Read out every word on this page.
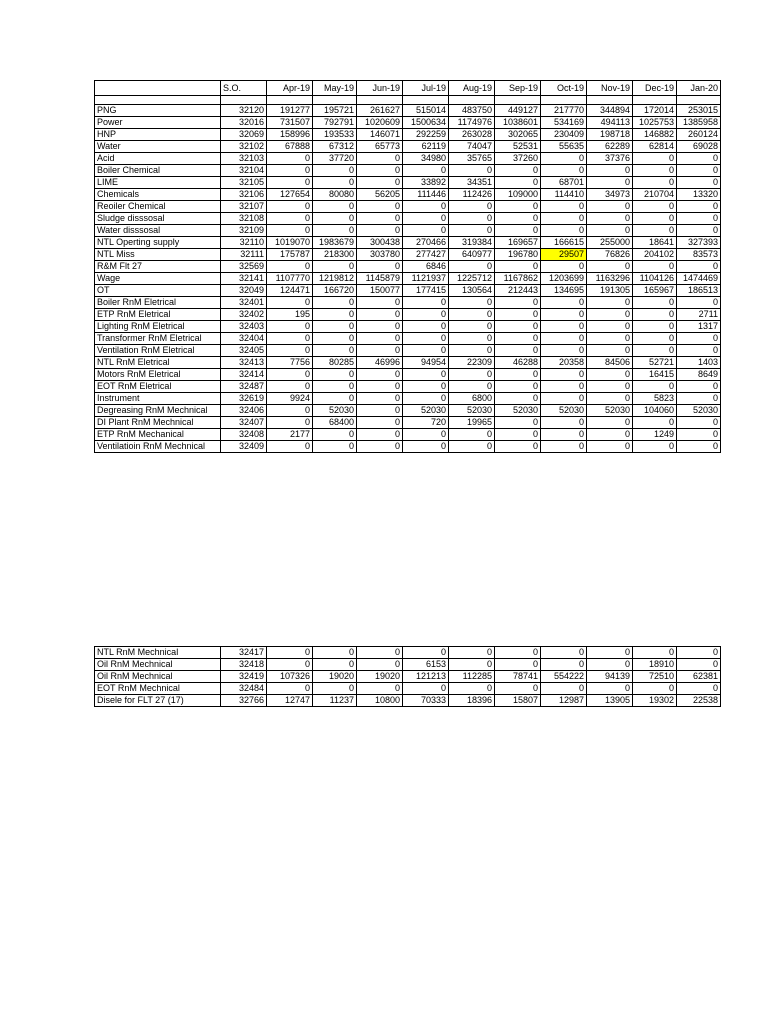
	S.O.	Apr-19	May-19	Jun-19	Jul-19	Aug-19	Sep-19	Oct-19	Nov-19	Dec-19	Jan-20

PNG	32120	191277	195721	261627	515014	483750	449127	217770	344894	172014	253015
Power	32016	731507	792791	1020609	1500634	1174976	1038601	534169	494113	1025753	1385958
HNP	32069	158996	193533	146071	292259	263028	302065	230409	198718	146882	260124
Water	32102	67888	67312	65773	62119	74047	52531	55635	62289	62814	69028
Acid	32103	0	37720	0	34980	35765	37260	0	37376	0	0
Boiler Chemical	32104	0	0	0	0	0	0	0	0	0	0
LIME	32105	0	0	0	33892	34351	0	68701	0	0	0
Chemicals	32106	127654	80080	56205	111446	112426	109000	114410	34973	210704	13320
Reoiler Chemical	32107	0	0	0	0	0	0	0	0	0	0
Sludge disssosal	32108	0	0	0	0	0	0	0	0	0	0
Water disssosal	32109	0	0	0	0	0	0	0	0	0	0
NTL Operting supply	32110	1019070	1983679	300438	270466	319384	169657	166615	255000	18641	327393
NTL Miss	32111	175787	218300	303780	277427	640977	196780	29507	76826	204102	83573
R&M Flt 27	32569	0	0	0	6846	0	0	0	0	0	0
Wage	32141	1107770	1219812	1145879	1121937	1225712	1167862	1203699	1163296	1104126	1474469
OT	32049	124471	166720	150077	177415	130564	212443	134695	191305	165967	186513
Boiler RnM Eletrical	32401	0	0	0	0	0	0	0	0	0	0
ETP RnM Eletrical	32402	195	0	0	0	0	0	0	0	0	2711
Lighting RnM Eletrical	32403	0	0	0	0	0	0	0	0	0	1317
Transformer RnM Eletrical	32404	0	0	0	0	0	0	0	0	0	0
Ventilation RnM Eletrical	32405	0	0	0	0	0	0	0	0	0	0
NTL RnM Eletrical	32413	7756	80285	46996	94954	22309	46288	20358	84506	52721	1403
Motors RnM Eletrical	32414	0	0	0	0	0	0	0	0	16415	8649
EOT RnM Eletrical	32487	0	0	0	0	0	0	0	0	0	0
Instrument	32619	9924	0	0	0	6800	0	0	0	5823	0
Degreasing RnM Mechnical	32406	0	52030	0	52030	52030	52030	52030	52030	104060	52030
DI Plant RnM Mechnical	32407	0	68400	0	720	19965	0	0	0	0	0
ETP RnM Mechanical	32408	2177	0	0	0	0	0	0	0	1249	0
Ventilatioin RnM Mechnical	32409	0	0	0	0	0	0	0	0	0	0
NTL RnM Mechnical	32417	0	0	0	0	0	0	0	0	0	0
Oil RnM Mechnical	32418	0	0	0	6153	0	0	0	0	18910	0
Oil RnM Mechnical	32419	107326	19020	19020	121213	112285	78741	554222	94139	72510	62381
EOT RnM Mechnical	32484	0	0	0	0	0	0	0	0	0	0
Disele for FLT 27 (17)	32766	12747	11237	10800	70333	18396	15807	12987	13905	19302	22538
